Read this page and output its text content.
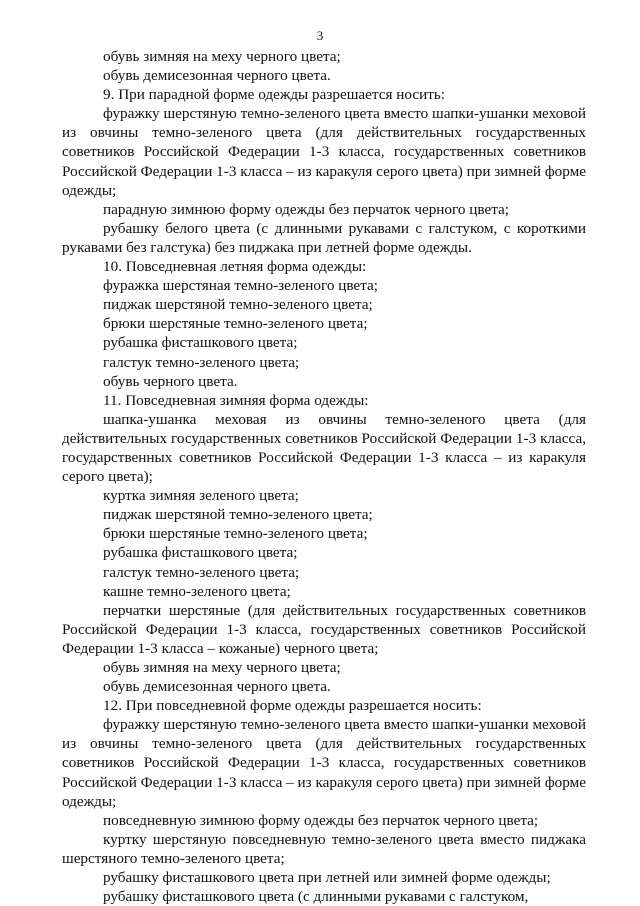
3

обувь зимняя на меху черного цвета;

обувь демисезонная черного цвета.

9. При парадной форме одежды разрешается носить:

фуражку шерстяную темно-зеленого цвета вместо шапки-ушанки меховой из овчины темно-зеленого цвета (для действительных государственных советников Российской Федерации 1-3 класса, государственных советников Российской Федерации 1-3 класса – из каракуля серого цвета) при зимней форме одежды;

парадную зимнюю форму одежды без перчаток черного цвета;

рубашку белого цвета (с длинными рукавами с галстуком, с короткими рукавами без галстука) без пиджака при летней форме одежды.

10. Повседневная летняя форма одежды:

фуражка шерстяная темно-зеленого цвета;

пиджак шерстяной темно-зеленого цвета;

брюки шерстяные темно-зеленого цвета;

рубашка фисташкового цвета;

галстук темно-зеленого цвета;

обувь черного цвета.

11. Повседневная зимняя форма одежды:

шапка-ушанка меховая из овчины темно-зеленого цвета (для действительных государственных советников Российской Федерации 1-3 класса, государственных советников Российской Федерации 1-3 класса – из каракуля серого цвета);

куртка зимняя зеленого цвета;

пиджак шерстяной темно-зеленого цвета;

брюки шерстяные темно-зеленого цвета;

рубашка фисташкового цвета;

галстук темно-зеленого цвета;

кашне темно-зеленого цвета;

перчатки шерстяные (для действительных государственных советников Российской Федерации 1-3 класса, государственных советников Российской Федерации 1-3 класса – кожаные) черного цвета;

обувь зимняя на меху черного цвета;

обувь демисезонная черного цвета.

12. При повседневной форме одежды разрешается носить:

фуражку шерстяную темно-зеленого цвета вместо шапки-ушанки меховой из овчины темно-зеленого цвета (для действительных государственных советников Российской Федерации 1-3 класса, государственных советников Российской Федерации 1-3 класса – из каракуля серого цвета) при зимней форме одежды;

повседневную зимнюю форму одежды без перчаток черного цвета;

куртку шерстяную повседневную темно-зеленого цвета вместо пиджака шерстяного темно-зеленого цвета;

рубашку фисташкового цвета при летней или зимней форме одежды;

рубашку фисташкового цвета (с длинными рукавами с галстуком,
